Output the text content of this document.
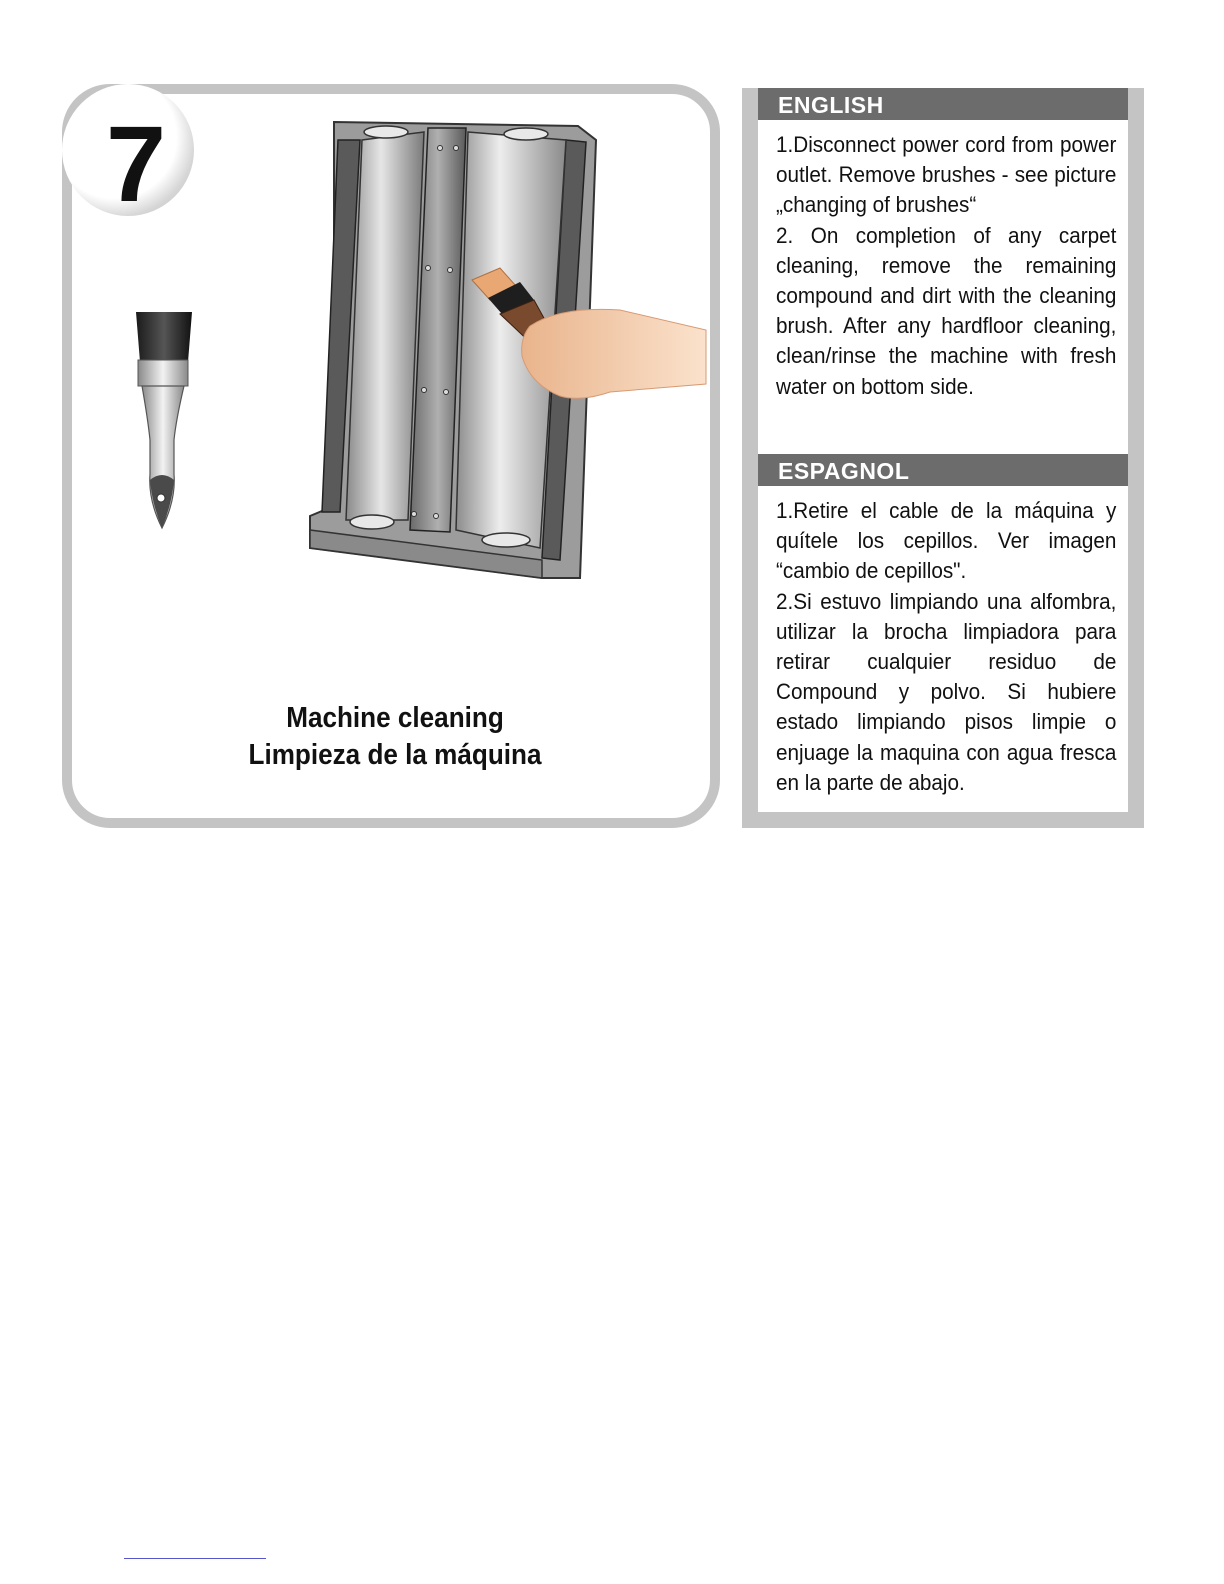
7
Machine cleaning
Limpieza de la máquina
ENGLISH

1.Disconnect power cord from power outlet. Remove brushes - see picture „changing of brushes“

2. On completion of any carpet cleaning, remove the remaining compound and dirt with the cleaning brush. After any hardfloor cleaning, clean/rinse the machine with fresh water on bottom side.

ESPAGNOL

1.Retire el cable de la máquina y quítele los cepillos. Ver imagen “cambio de cepillos".

2.Si estuvo limpiando una alfombra, utilizar la brocha limpiadora para retirar cualquier residuo de Compound y polvo. Si hubiere estado limpiando pisos limpie o enjuage la maquina con agua fresca en la parte de abajo.
